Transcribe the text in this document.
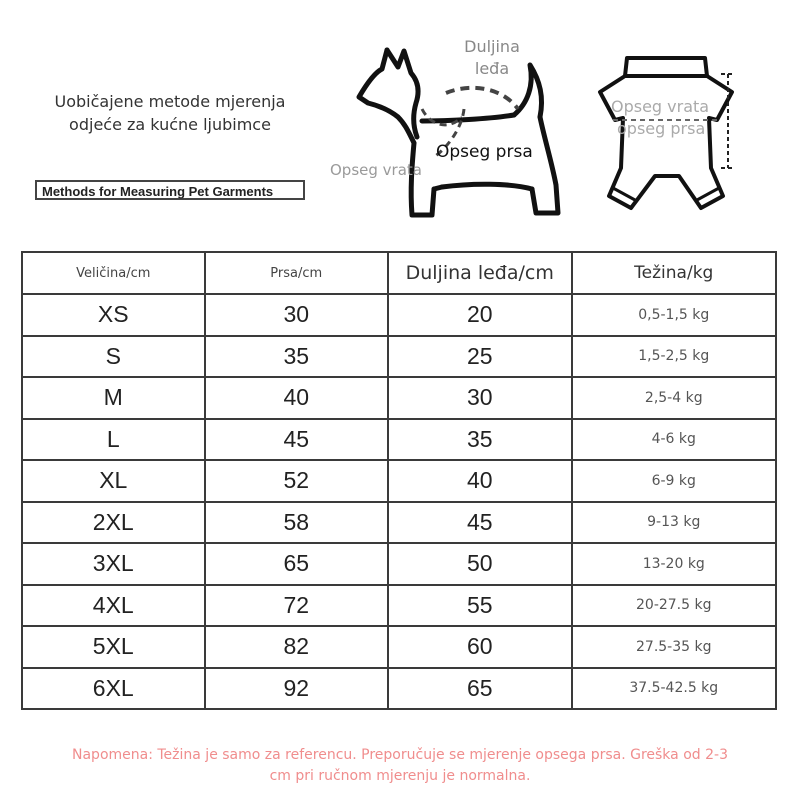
Uobičajene metode mjerenja
odjeće za kućne ljubimce
Methods for Measuring Pet Garments
Duljina
leđa
Opseg prsa
Opseg vrata
Opseg vrata
opseg prsa
Veličina/cm	Prsa/cm	Duljina leđa/cm	Težina/kg
XS	30	20	0,5-1,5 kg
S	35	25	1,5-2,5 kg
M	40	30	2,5-4 kg
L	45	35	4-6 kg
XL	52	40	6-9 kg
2XL	58	45	9-13 kg
3XL	65	50	13-20 kg
4XL	72	55	20-27.5 kg
5XL	82	60	27.5-35 kg
6XL	92	65	37.5-42.5 kg
Napomena: Težina je samo za referencu. Preporučuje se mjerenje opsega prsa. Greška od 2-3
cm pri ručnom mjerenju je normalna.
